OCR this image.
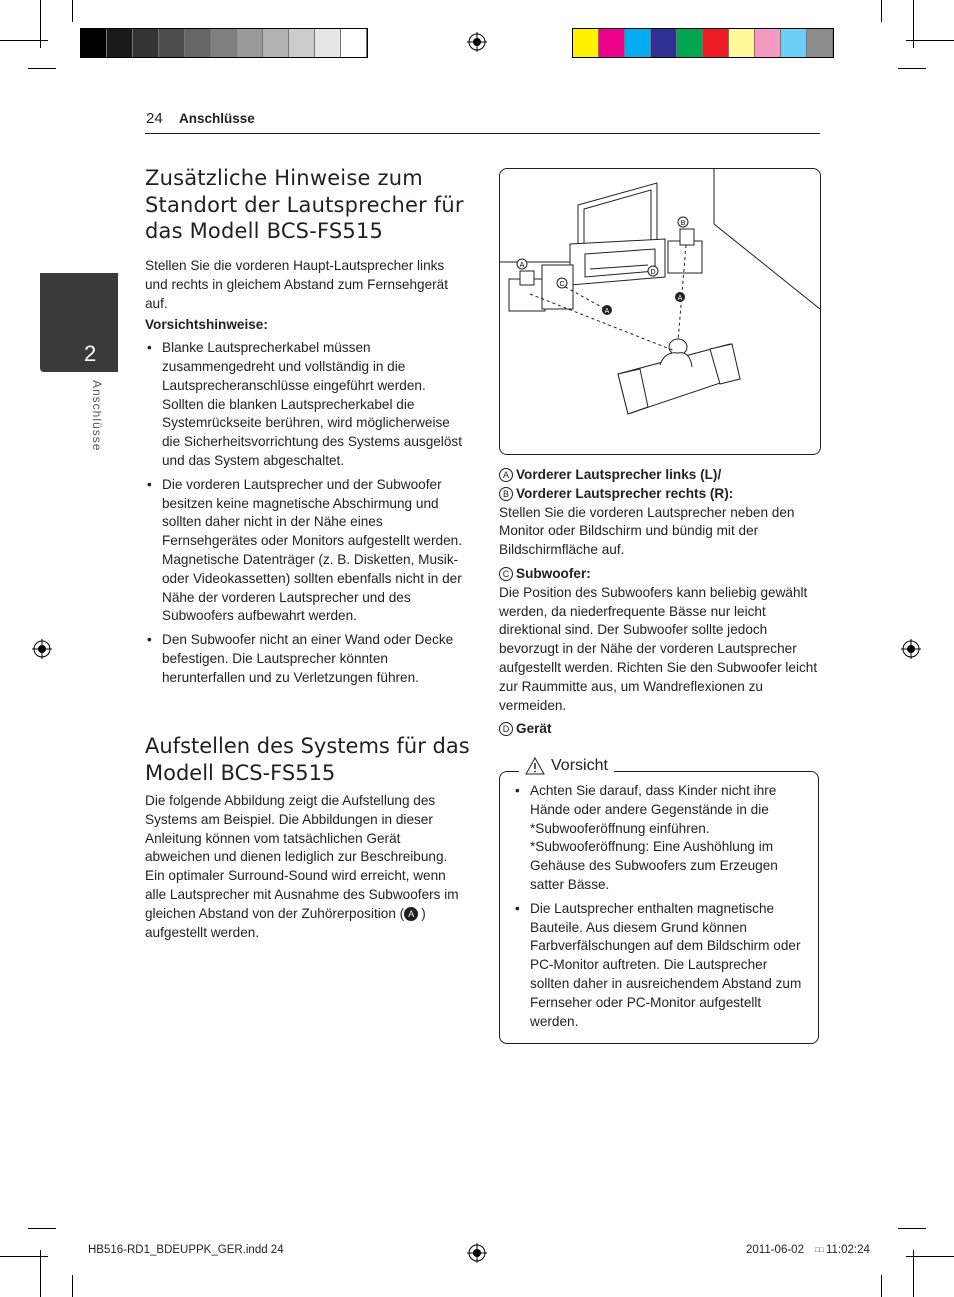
24 Anschlüsse
2
Anschlüsse
Zusätzliche Hinweise zum Standort der Lautsprecher für das Modell BCS-FS515

Stellen Sie die vorderen Haupt-Lautsprecher links und rechts in gleichem Abstand zum Fernsehgerät auf.

Vorsichtshinweise:

• Blanke Lautsprecherkabel müssen zusammengedreht und vollständig in die Lautsprecheranschlüsse eingeführt werden. Sollten die blanken Lautsprecherkabel die Systemrückseite berühren, wird möglicherweise die Sicherheitsvorrichtung des Systems ausgelöst und das System abgeschaltet.
• Die vorderen Lautsprecher und der Subwoofer besitzen keine magnetische Abschirmung und sollten daher nicht in der Nähe eines Fernsehgerätes oder Monitors aufgestellt werden. Magnetische Datenträger (z. B. Disketten, Musik- oder Videokassetten) sollten ebenfalls nicht in der Nähe der vorderen Lautsprecher und des Subwoofers aufbewahrt werden.
• Den Subwoofer nicht an einer Wand oder Decke befestigen. Die Lautsprecher könnten herunterfallen und zu Verletzungen führen.
Aufstellen des Systems für das Modell BCS-FS515

Die folgende Abbildung zeigt die Aufstellung des Systems am Beispiel. Die Abbildungen in dieser Anleitung können vom tatsächlichen Gerät abweichen und dienen lediglich zur Beschreibung. Ein optimaler Surround-Sound wird erreicht, wenn alle Lautsprecher mit Ausnahme des Subwoofers im gleichen Abstand von der Zuhörerposition ( A ) aufgestellt werden.

A
B
C
D
A
A
A Vorderer Lautsprecher links (L)/
B Vorderer Lautsprecher rechts (R):

Stellen Sie die vorderen Lautsprecher neben den Monitor oder Bildschirm und bündig mit der Bildschirmfläche auf.

C Subwoofer:

Die Position des Subwoofers kann beliebig gewählt werden, da niederfrequente Bässe nur leicht direktional sind. Der Subwoofer sollte jedoch bevorzugt in der Nähe der vorderen Lautsprecher aufgestellt werden. Richten Sie den Subwoofer leicht zur Raummitte aus, um Wandreflexionen zu vermeiden.

D Gerät
Vorsicht
• Achten Sie darauf, dass Kinder nicht ihre Hände oder andere Gegenstände in die *Subwooferöffnung einführen. *Subwooferöffnung: Eine Aushöhlung im Gehäuse des Subwoofers zum Erzeugen satter Bässe.
• Die Lautsprecher enthalten magnetische Bauteile. Aus diesem Grund können Farbverfälschungen auf dem Bildschirm oder PC-Monitor auftreten. Die Lautsprecher sollten daher in ausreichendem Abstand zum Fernseher oder PC-Monitor aufgestellt werden.
HB516-RD1_BDEUPPK_GER.indd 24	2011-06-02 □□ 11:02:24
